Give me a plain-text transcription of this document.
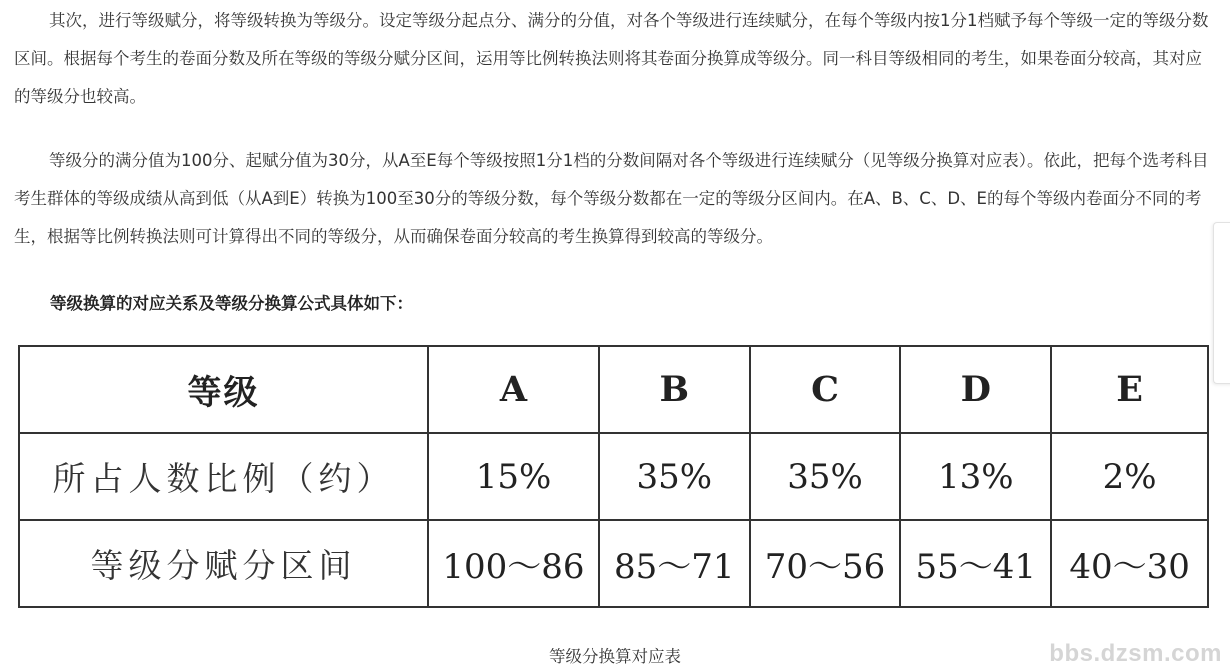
其次，进行等级赋分，将等级转换为等级分。设定等级分起点分、满分的分值，对各个等级进行连续赋分，在每个等级内按1分1档赋予每个等级一定的等级分数区间。根据每个考生的卷面分数及所在等级的等级分赋分区间，运用等比例转换法则将其卷面分换算成等级分。同一科目等级相同的考生，如果卷面分较高，其对应的等级分也较高。

等级分的满分值为100分、起赋分值为30分，从A至E每个等级按照1分1档的分数间隔对各个等级进行连续赋分（见等级分换算对应表）。依此，把每个选考科目考生群体的等级成绩从高到低（从A到E）转换为100至30分的等级分数，每个等级分数都在一定的等级分区间内。在A、B、C、D、E的每个等级内卷面分不同的考生，根据等比例转换法则可计算得出不同的等级分，从而确保卷面分较高的考生换算得到较高的等级分。

等级换算的对应关系及等级分换算公式具体如下：

等级	A	B	C	D	E
所占人数比例（约）	15%	35%	35%	13%	2%
等级分赋分区间	100～86	85～71	70～56	55～41	40～30

等级分换算对应表	bbs.dzsm.com
